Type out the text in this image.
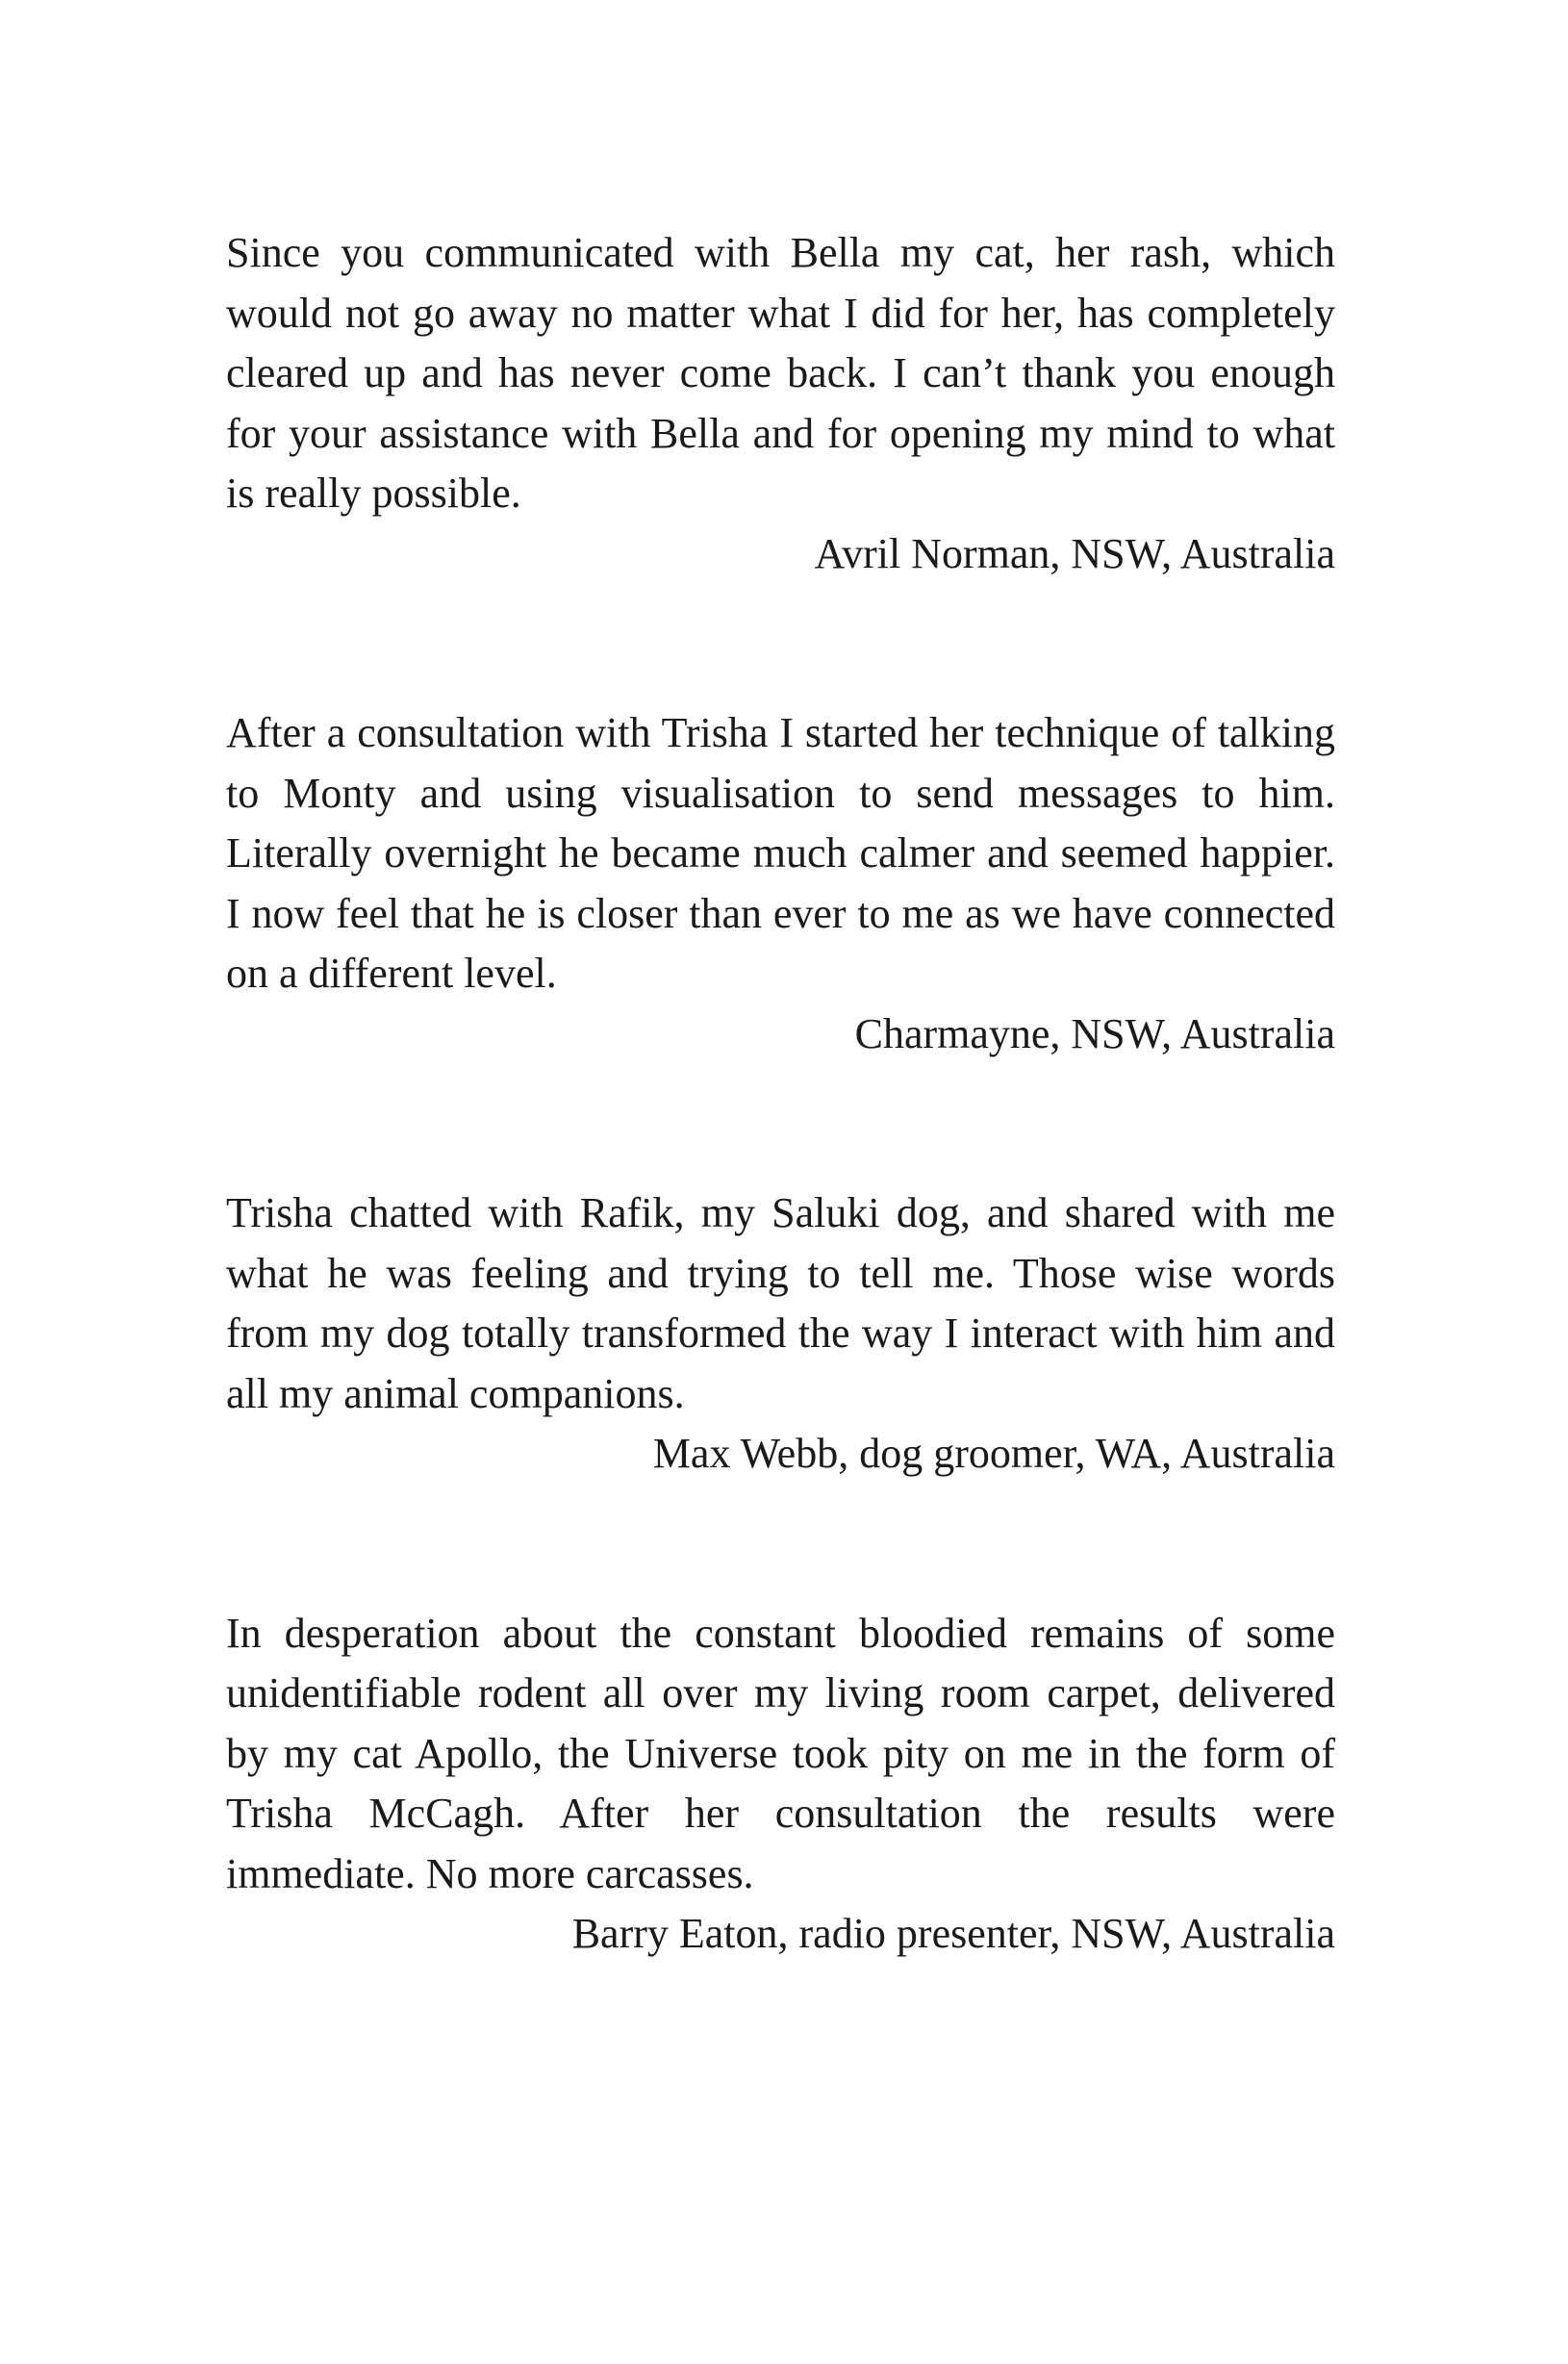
Since you communicated with Bella my cat, her rash, which would not go away no matter what I did for her, has completely cleared up and has never come back. I can’t thank you enough for your assistance with Bella and for opening my mind to what is really possible.

Avril Norman, NSW, Australia

After a consultation with Trisha I started her technique of talking to Monty and using visualisation to send messages to him. Literally overnight he became much calmer and seemed happier. I now feel that he is closer than ever to me as we have connected on a different level.

Charmayne, NSW, Australia

Trisha chatted with Rafik, my Saluki dog, and shared with me what he was feeling and trying to tell me. Those wise words from my dog totally transformed the way I interact with him and all my animal companions.

Max Webb, dog groomer, WA, Australia

In desperation about the constant bloodied remains of some unidentifiable rodent all over my living room carpet, delivered by my cat Apollo, the Universe took pity on me in the form of Trisha McCagh. After her consultation the results were immediate. No more carcasses.

Barry Eaton, radio presenter, NSW, Australia
